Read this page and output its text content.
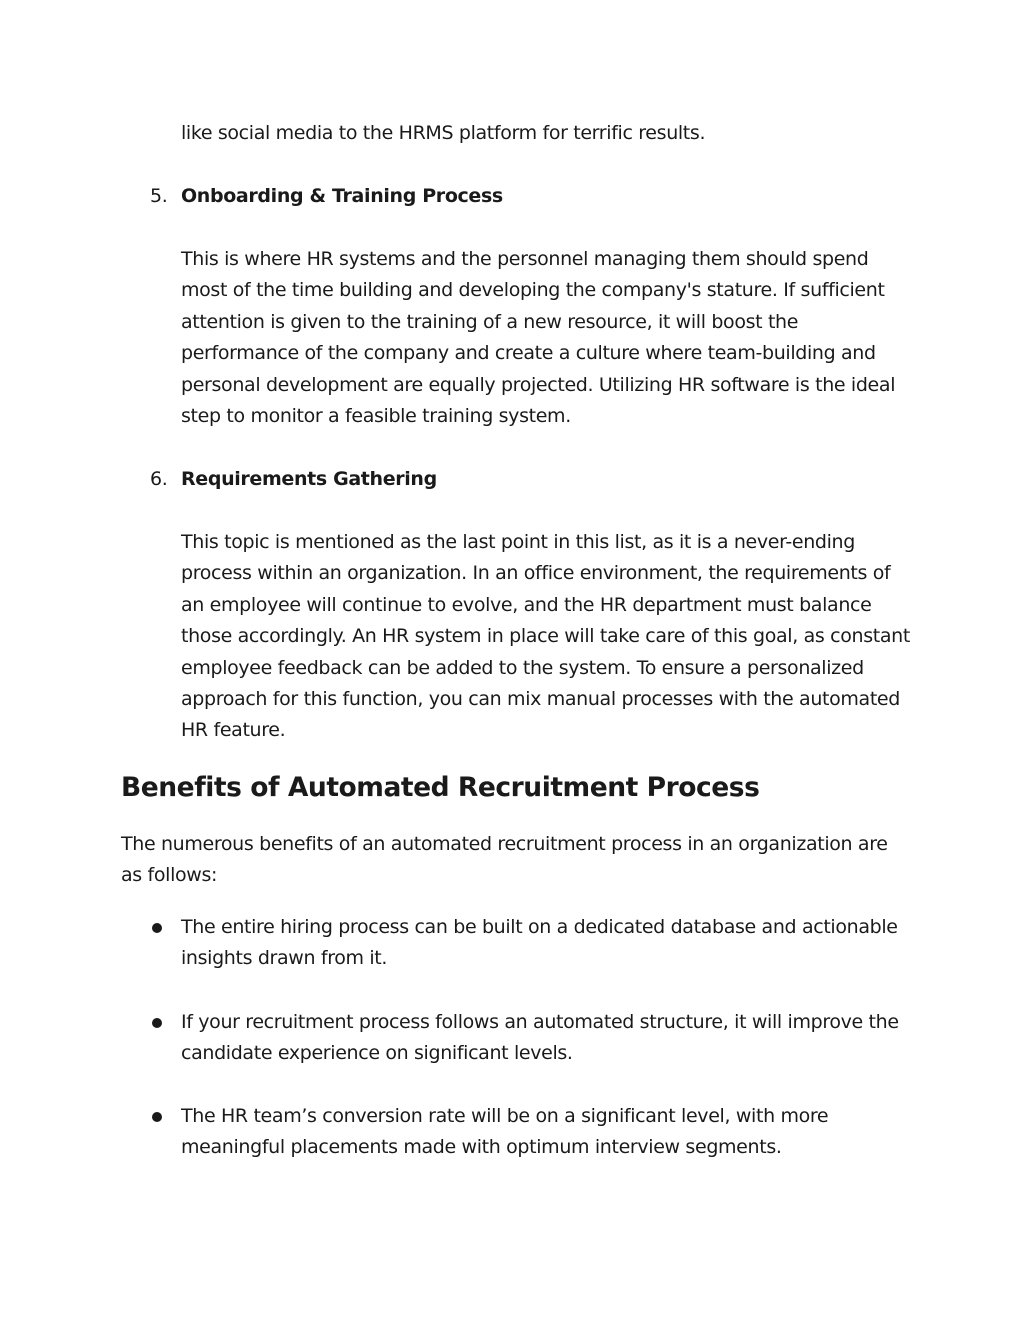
like social media to the HRMS platform for terrific results.

5. Onboarding & Training Process

This is where HR systems and the personnel managing them should spend most of the time building and developing the company's stature. If sufficient attention is given to the training of a new resource, it will boost the performance of the company and create a culture where team-building and personal development are equally projected. Utilizing HR software is the ideal step to monitor a feasible training system.

6. Requirements Gathering

This topic is mentioned as the last point in this list, as it is a never-ending process within an organization. In an office environment, the requirements of an employee will continue to evolve, and the HR department must balance those accordingly. An HR system in place will take care of this goal, as constant employee feedback can be added to the system. To ensure a personalized approach for this function, you can mix manual processes with the automated HR feature.

Benefits of Automated Recruitment Process

The numerous benefits of an automated recruitment process in an organization are as follows:

The entire hiring process can be built on a dedicated database and actionable insights drawn from it.

If your recruitment process follows an automated structure, it will improve the candidate experience on significant levels.

The HR team’s conversion rate will be on a significant level, with more meaningful placements made with optimum interview segments.
